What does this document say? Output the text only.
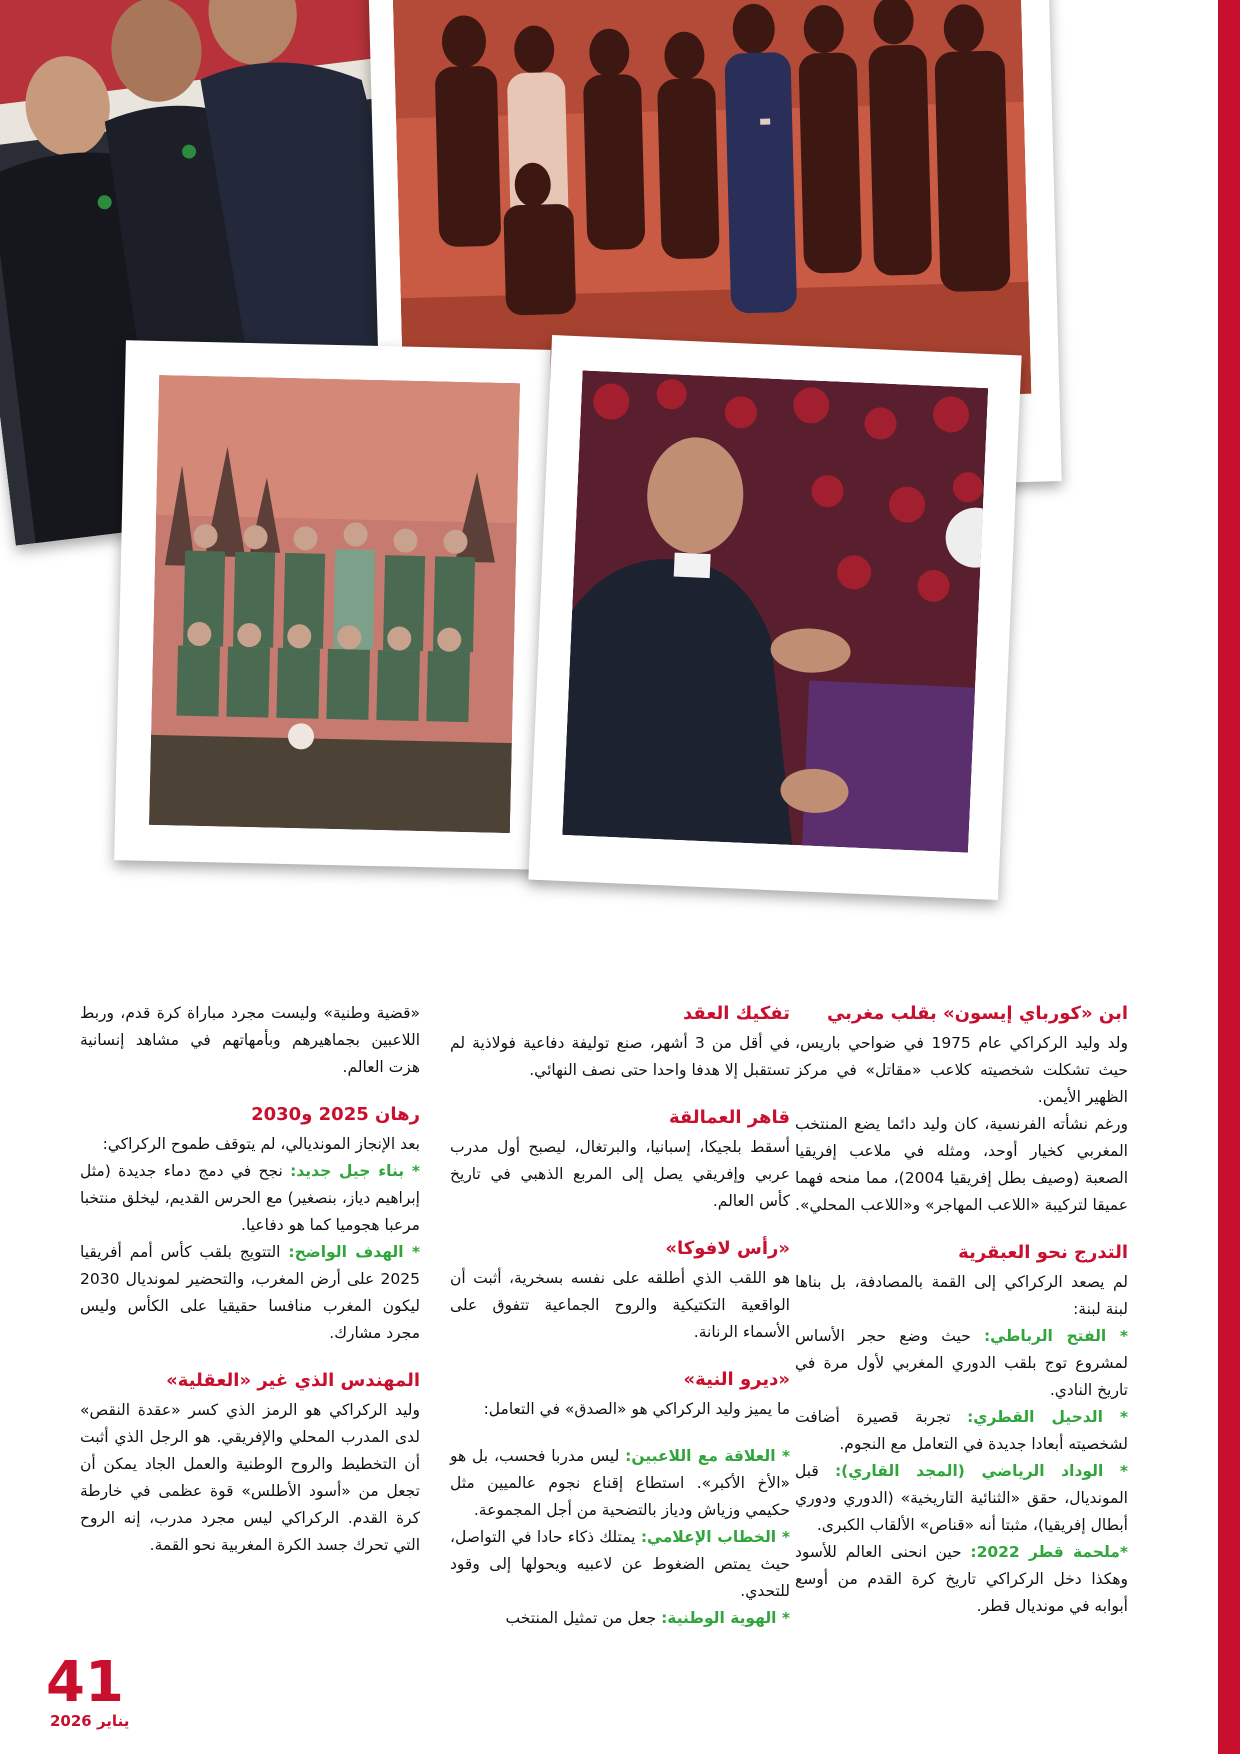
ابن «كورباي إيسون» بقلب مغربي

ولد وليد الركراكي عام 1975 في ضواحي باريس، حيث تشكلت شخصيته كلاعب «مقاتل» في مركز الظهير الأيمن.

ورغم نشأته الفرنسية، كان وليد دائما يضع المنتخب المغربي كخيار أوحد، ومثله في ملاعب إفريقيا الصعبة (وصيف بطل إفريقيا 2004)، مما منحه فهما عميقا لتركيبة «اللاعب المهاجر» و«اللاعب المحلي».

التدرج نحو العبقرية

لم يصعد الركراكي إلى القمة بالمصادفة، بل بناها لبنة لبنة:

* الفتح الرباطي: حيث وضع حجر الأساس لمشروع توج بلقب الدوري المغربي لأول مرة في تاريخ النادي.

* الدحيل القطري: تجربة قصيرة أضافت لشخصيته أبعادا جديدة في التعامل مع النجوم.

* الوداد الرياضي (المجد القاري): قبل المونديال، حقق «الثنائية التاريخية» (الدوري ودوري أبطال إفريقيا)، مثبتا أنه «قناص» الألقاب الكبرى.

*ملحمة قطر 2022: حين انحنى العالم للأسود وهكذا دخل الركراكي تاريخ كرة القدم من أوسع أبوابه في مونديال قطر.

تفكيك العقد

في أقل من 3 أشهر، صنع توليفة دفاعية فولاذية لم تستقبل إلا هدفا واحدا حتى نصف النهائي.

قاهر العمالقة

أسقط بلجيكا، إسبانيا، والبرتغال، ليصبح أول مدرب عربي وإفريقي يصل إلى المربع الذهبي في تاريخ كأس العالم.

«رأس لافوكا»

هو اللقب الذي أطلقه على نفسه بسخرية، أثبت أن الواقعية التكتيكية والروح الجماعية تتفوق على الأسماء الرنانة.

«ديرو النية»

ما يميز وليد الركراكي هو «الصدق» في التعامل:

* العلاقة مع اللاعبين: ليس مدربا فحسب، بل هو «الأخ الأكبر». استطاع إقناع نجوم عالميين مثل حكيمي وزياش ودياز بالتضحية من أجل المجموعة.

* الخطاب الإعلامي: يمتلك ذكاء حادا في التواصل، حيث يمتص الضغوط عن لاعبيه ويحولها إلى وقود للتحدي.

* الهوية الوطنية: جعل من تمثيل المنتخب

«قضية وطنية» وليست مجرد مباراة كرة قدم، وربط اللاعبين بجماهيرهم وبأمهاتهم في مشاهد إنسانية هزت العالم.

رهان 2025 و2030

بعد الإنجاز المونديالي، لم يتوقف طموح الركراكي:

* بناء جيل جديد: نجح في دمج دماء جديدة (مثل إبراهيم دياز، بنصغير) مع الحرس القديم، ليخلق منتخبا مرعبا هجوميا كما هو دفاعيا.

* الهدف الواضح: التتويج بلقب كأس أمم أفريقيا 2025 على أرض المغرب، والتحضير لمونديال 2030 ليكون المغرب منافسا حقيقيا على الكأس وليس مجرد مشارك.

المهندس الذي غير «العقلية»

وليد الركراكي هو الرمز الذي كسر «عقدة النقص» لدى المدرب المحلي والإفريقي. هو الرجل الذي أثبت أن التخطيط والروح الوطنية والعمل الجاد يمكن أن تجعل من «أسود الأطلس» قوة عظمى في خارطة كرة القدم. الركراكي ليس مجرد مدرب، إنه الروح التي تحرك جسد الكرة المغربية نحو القمة.

41
يناير 2026
